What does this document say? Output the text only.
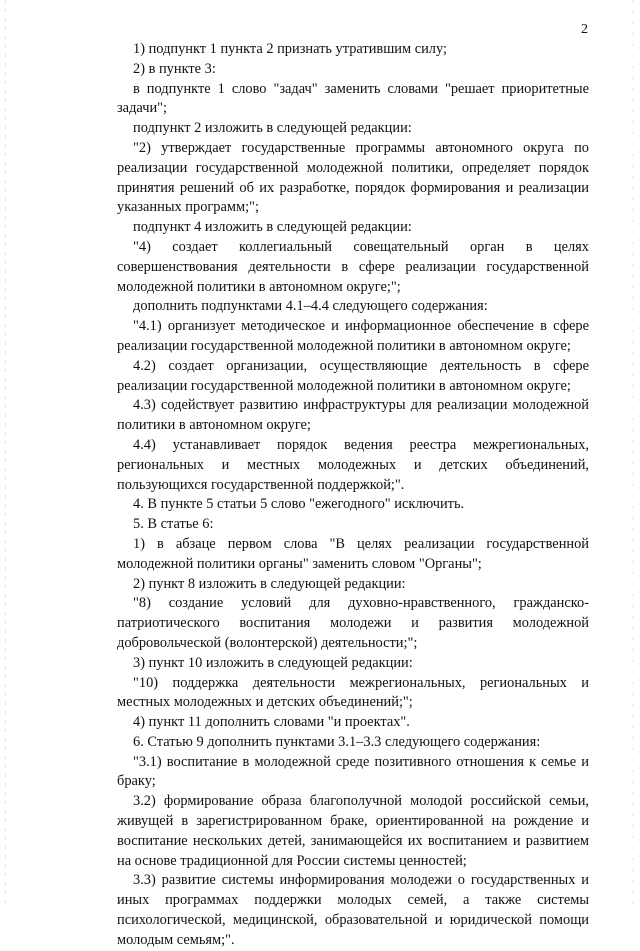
2

1) подпункт 1 пункта 2 признать утратившим силу;

2) в пункте 3:

в подпункте 1 слово "задач" заменить словами "решает приоритетные задачи";

подпункт 2 изложить в следующей редакции:

"2) утверждает государственные программы автономного округа по реализации государственной молодежной политики, определяет порядок принятия решений об их разработке, порядок формирования и реализации указанных программ;";

подпункт 4 изложить в следующей редакции:

"4) создает коллегиальный совещательный орган в целях совершенствования деятельности в сфере реализации государственной молодежной политики в автономном округе;";

дополнить подпунктами 4.1–4.4 следующего содержания:

"4.1) организует методическое и информационное обеспечение в сфере реализации государственной молодежной политики в автономном округе;

4.2) создает организации, осуществляющие деятельность в сфере реализации государственной молодежной политики в автономном округе;

4.3) содействует развитию инфраструктуры для реализации молодежной политики в автономном округе;

4.4) устанавливает порядок ведения реестра межрегиональных, региональных и местных молодежных и детских объединений, пользующихся государственной поддержкой;".

4. В пункте 5 статьи 5 слово "ежегодного" исключить.

5. В статье 6:

1) в абзаце первом слова "В целях реализации государственной молодежной политики органы" заменить словом "Органы";

2) пункт 8 изложить в следующей редакции:

"8) создание условий для духовно-нравственного, гражданско-патриотического воспитания молодежи и развития молодежной добровольческой (волонтерской) деятельности;";

3) пункт 10 изложить в следующей редакции:

"10) поддержка деятельности межрегиональных, региональных и местных молодежных и детских объединений;";

4) пункт 11 дополнить словами "и проектах".

6. Статью 9 дополнить пунктами 3.1–3.3 следующего содержания:

"3.1) воспитание в молодежной среде позитивного отношения к семье и браку;

3.2) формирование образа благополучной молодой российской семьи, живущей в зарегистрированном браке, ориентированной на рождение и воспитание нескольких детей, занимающейся их воспитанием и развитием на основе традиционной для России системы ценностей;

3.3) развитие системы информирования молодежи о государственных и иных программах поддержки молодых семей, а также системы психологической, медицинской, образовательной и юридической помощи молодым семьям;".
